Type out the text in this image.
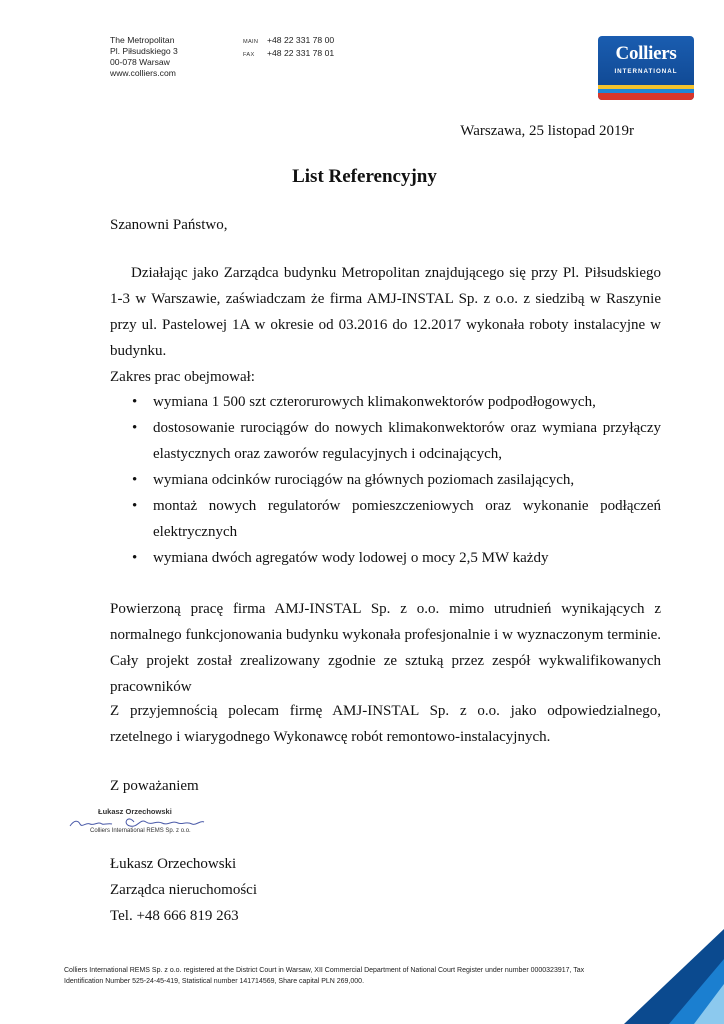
The Metropolitan
Pl. Piłsudskiego 3
00-078 Warsaw
www.colliers.com
MAIN	+48 22 331 78 00
FAX	+48 22 331 78 01	Colliers
INTERNATIONAL
Warszawa, 25 listopad 2019r
List Referencyjny
Szanowni Państwo,
Działając jako Zarządca budynku Metropolitan znajdującego się przy Pl. Piłsudskiego 1-3 w Warszawie, zaświadczam że firma AMJ-INSTAL Sp. z o.o. z siedzibą w Raszynie przy ul. Pastelowej 1A w okresie od 03.2016 do 12.2017 wykonała roboty instalacyjne w budynku.
Zakres prac obejmował:
• wymiana 1 500 szt czterorurowych klimakonwektorów podpodłogowych,
• dostosowanie rurociągów do nowych klimakonwektorów oraz wymiana przyłączy elastycznych oraz zaworów regulacyjnych i odcinających,
• wymiana odcinków rurociągów na głównych poziomach zasilających,
• montaż nowych regulatorów pomieszczeniowych oraz wykonanie podłączeń elektrycznych
• wymiana dwóch agregatów wody lodowej o mocy 2,5 MW każdy
Powierzoną pracę firma AMJ-INSTAL Sp. z o.o. mimo utrudnień wynikających z normalnego funkcjonowania budynku wykonała profesjonalnie i w wyznaczonym terminie. Cały projekt został zrealizowany zgodnie ze sztuką przez zespół wykwalifikowanych pracowników
Z przyjemnością polecam firmę AMJ-INSTAL Sp. z o.o. jako odpowiedzialnego, rzetelnego i wiarygodnego Wykonawcę robót remontowo-instalacyjnych.
Z poważaniem
Łukasz Orzechowski
Colliers International REMS Sp. z o.o.
Łukasz Orzechowski
Zarządca nieruchomości
Tel. +48 666 819 263
Colliers International REMS Sp. z o.o. registered at the District Court in Warsaw, XII Commercial Department of National Court Register under number 0000323917, Tax
Identification Number 525-24-45-419, Statistical number 141714569, Share capital PLN 269,000.
